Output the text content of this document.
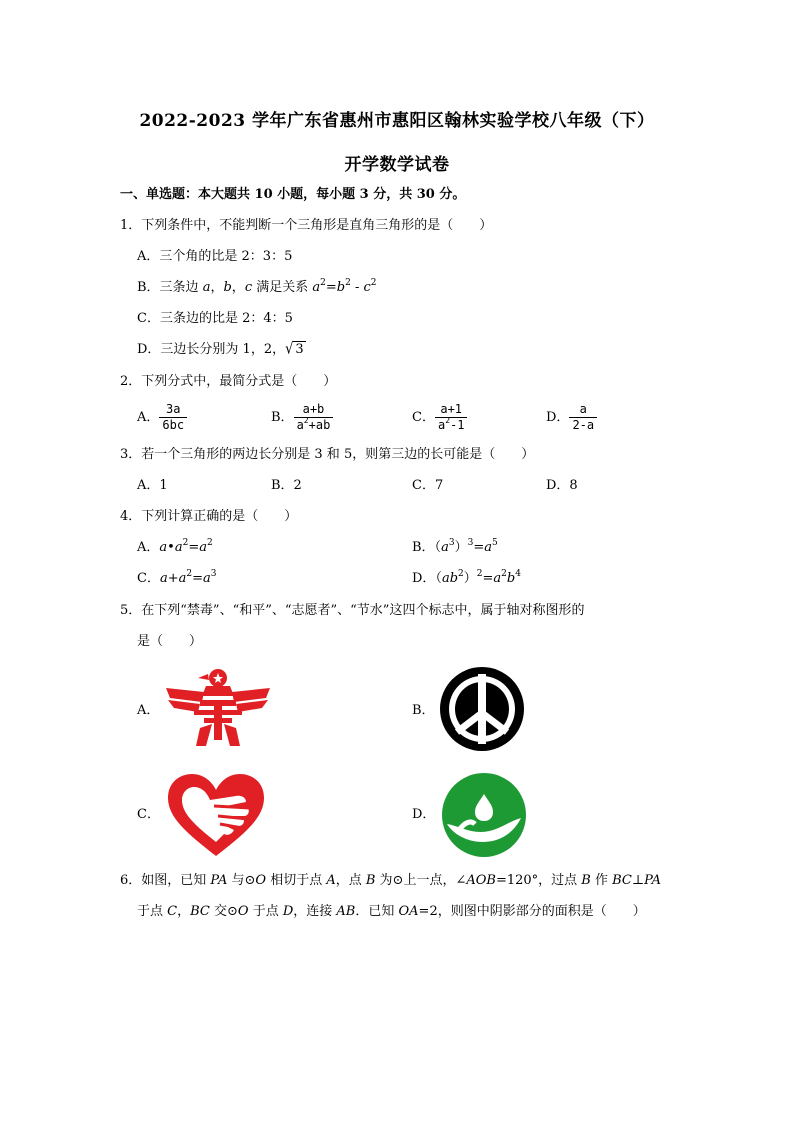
2022-2023 学年广东省惠州市惠阳区翰林实验学校八年级（下）
开学数学试卷
一、单选题：本大题共 10 小题，每小题 3 分，共 30 分。
1．下列条件中，不能判断一个三角形是直角三角形的是（　　）
A．三个角的比是 2：3：5
B．三条边 a，b，c 满足关系 $a^2=b^2 - c^2$
C．三条边的比是 2：4：5
D．三边长分别为 1，2，√ 3
2．下列分式中，最简分式是（　　）
A． $\frac{3a}{6bc}$	B． $\frac{a+b}{a^2+ab}$	C． $\frac{a+1}{a^2-1}$	D． $\frac{a}{2-a}$
3．若一个三角形的两边长分别是 3 和 5，则第三边的长可能是（　　）
A．1	B．2	C．7	D．8
4．下列计算正确的是（　　）
A．$a•a^2=a^2$	B．$(a^3)^3=a^5$
C．$a+a^2=a^3$	D．$(ab^2)^2=a^2b^4$
5．在下列“禁毒”、“和平”、“志愿者”、“节水”这四个标志中，属于轴对称图形的
是（　　）
A．	B．
C．	D．
6．如图，已知 PA 与⊙O 相切于点 A，点 B 为⊙上一点，∠AOB=120°，过点 B 作 BC⊥PA
于点 C，BC 交⊙O 于点 D，连接 AB．已知 OA=2，则图中阴影部分的面积是（　　）
